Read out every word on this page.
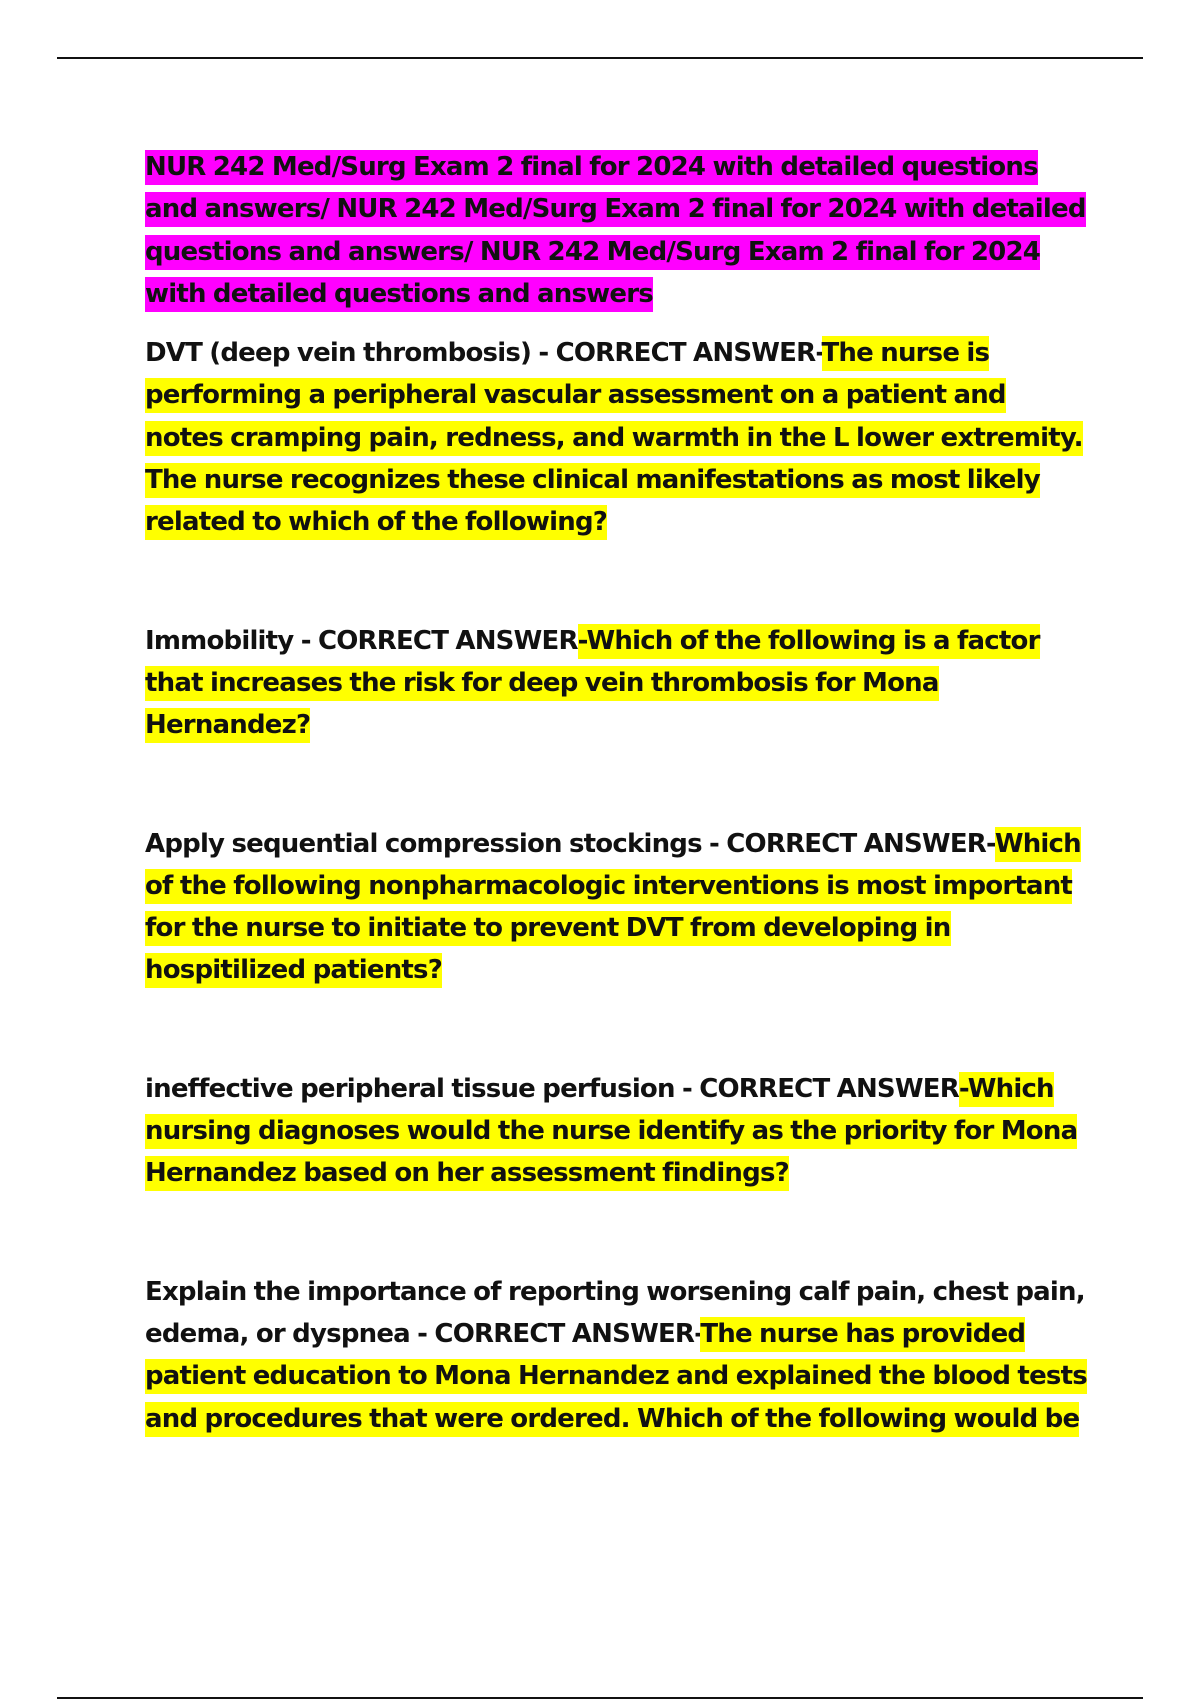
NUR 242 Med/Surg Exam 2 final for 2024 with detailed questions and answers/ NUR 242 Med/Surg Exam 2 final for 2024 with detailed questions and answers/ NUR 242 Med/Surg Exam 2 final for 2024 with detailed questions and answers

DVT (deep vein thrombosis) - CORRECT ANSWER-The nurse is performing a peripheral vascular assessment on a patient and notes cramping pain, redness, and warmth in the L lower extremity. The nurse recognizes these clinical manifestations as most likely related to which of the following?

Immobility - CORRECT ANSWER-Which of the following is a factor that increases the risk for deep vein thrombosis for Mona Hernandez?

Apply sequential compression stockings - CORRECT ANSWER-Which of the following nonpharmacologic interventions is most important for the nurse to initiate to prevent DVT from developing in hospitilized patients?

ineffective peripheral tissue perfusion - CORRECT ANSWER-Which nursing diagnoses would the nurse identify as the priority for Mona Hernandez based on her assessment findings?

Explain the importance of reporting worsening calf pain, chest pain, edema, or dyspnea - CORRECT ANSWER-The nurse has provided patient education to Mona Hernandez and explained the blood tests and procedures that were ordered. Which of the following would be
